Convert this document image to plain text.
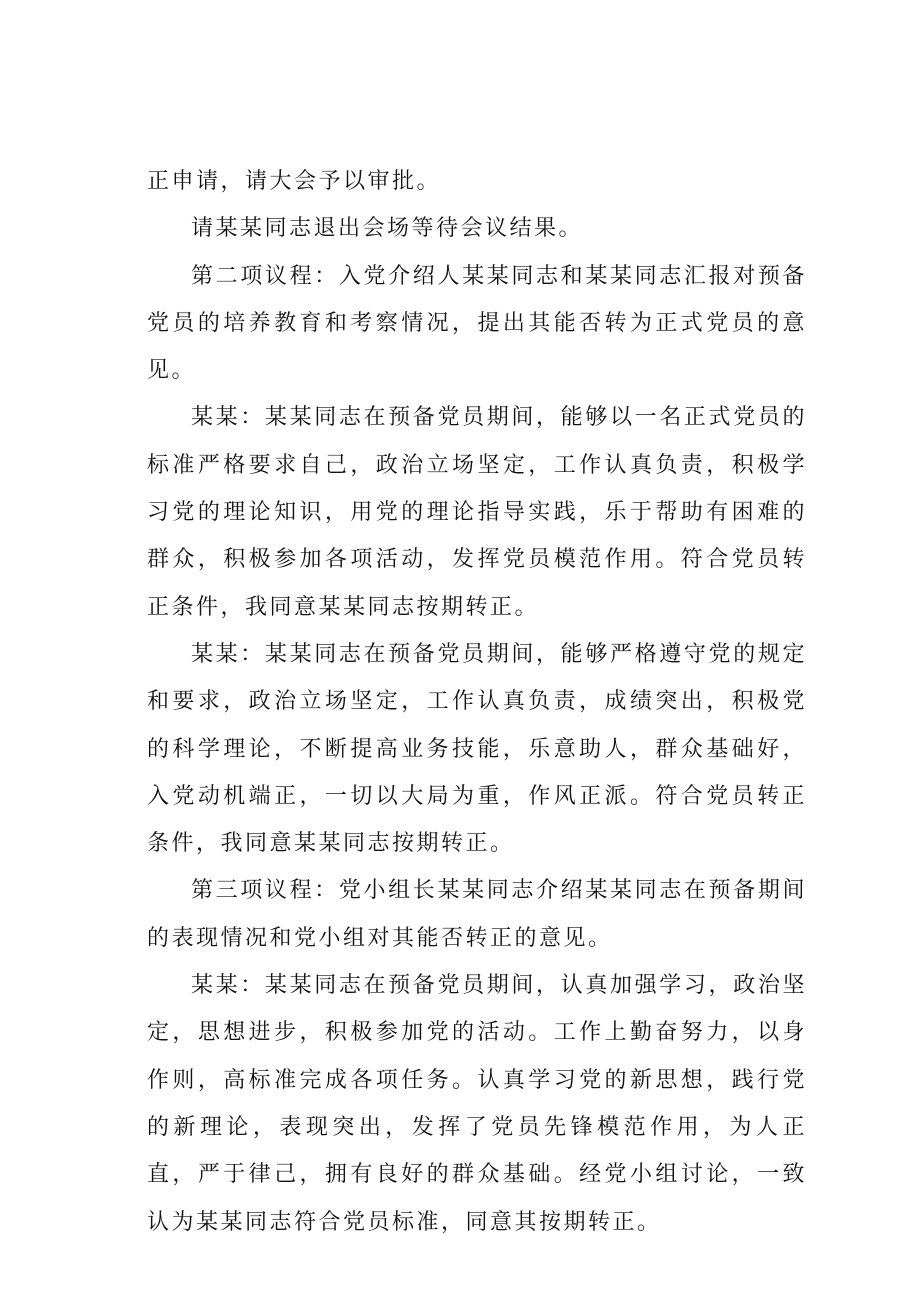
正申请，请大会予以审批。

请某某同志退出会场等待会议结果。

第二项议程：入党介绍人某某同志和某某同志汇报对预备党员的培养教育和考察情况，提出其能否转为正式党员的意见。

某某：某某同志在预备党员期间，能够以一名正式党员的标准严格要求自己，政治立场坚定，工作认真负责，积极学习党的理论知识，用党的理论指导实践，乐于帮助有困难的群众，积极参加各项活动，发挥党员模范作用。符合党员转正条件，我同意某某同志按期转正。

某某：某某同志在预备党员期间，能够严格遵守党的规定和要求，政治立场坚定，工作认真负责，成绩突出，积极党的科学理论，不断提高业务技能，乐意助人，群众基础好，入党动机端正，一切以大局为重，作风正派。符合党员转正条件，我同意某某同志按期转正。

第三项议程：党小组长某某同志介绍某某同志在预备期间的表现情况和党小组对其能否转正的意见。

某某：某某同志在预备党员期间，认真加强学习，政治坚定，思想进步，积极参加党的活动。工作上勤奋努力，以身作则，高标准完成各项任务。认真学习党的新思想，践行党的新理论，表现突出，发挥了党员先锋模范作用，为人正直，严于律己，拥有良好的群众基础。经党小组讨论，一致认为某某同志符合党员标准，同意其按期转正。
